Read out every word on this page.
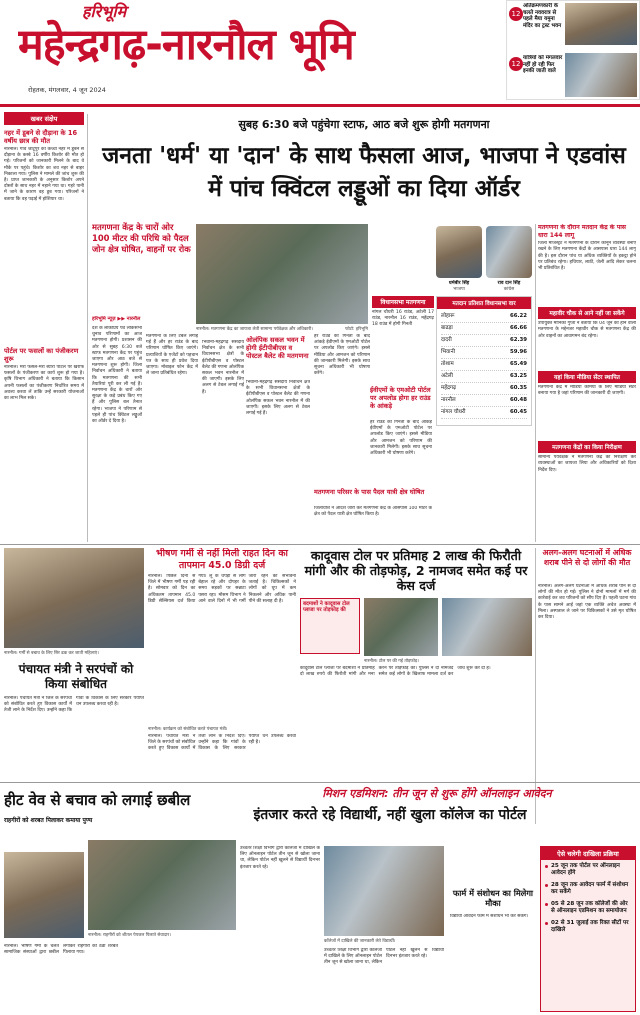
हरिभूमि
महेन्द्रगढ़-नारनौल भूमि
रोहतक, मंगलवार, 4 जून 2024
12
अतिक्रमणकारी के चलते नववरात्र से पहले मैया यमुना मंदिर का ट्रस्ट भवन
12
यात्रियों को मंगलवार नहीं हो रही फिर इनकी जाती वाले
खबर संक्षेप
नहर में डूबने से दौड़ाना के 16 वर्षीय छात्र की मौत
नारनौल। गांव जाटूपुर को कच्ची नहर में डूबने से दौड़ाना के कस्बे 16 वर्षीय किशोर की मौत हो गई। परिजनों को जानकारी मिलने के बाद वे मौके पर पहुंचे। किशोर का शव नहर से बाहर निकाला गया। पुलिस ने मामले की जांच शुरू की है। प्राप्त जानकारी के अनुसार किशोर अपने दोस्तों के साथ नहर में नहाने गया था। गहरे पानी में जाने के कारण वह डूब गया। परिजनों ने बताया कि वह पढ़ाई में होशियार था।
पोर्टल पर फसलों का पंजीकरण शुरू
नारनौल। मेरी फसल-मेरा ब्यौरा पोर्टल पर खरीफ फसलों के पंजीकरण का कार्य शुरू हो गया है। कृषि विभाग अधिकारी ने बताया कि किसान अपनी फसलों का पंजीकरण निर्धारित समय में अवश्य करवा लें ताकि उन्हें सरकारी योजनाओं का लाभ मिल सके।
सुबह 6:30 बजे पहुंचेगा स्टाफ, आठ बजे शुरू होगी मतगणना
जनता 'धर्म' या 'दान' के साथ फैसला आज, भाजपा ने एडवांस में पांच क्विंटल लड्डूओं का दिया ऑर्डर
मतगणना केंद्र के चारों ओर 100 मीटर की परिधि को पैदल जोन क्षेत्र घोषित, वाहनों पर रोक
नारनौल। मतगणना केंद्र का जायजा लेती सामान्य पर्यवेक्षक और अधिकारी।	फोटो: हरिभूमि
हरिभूमि न्यूज़ ▶▶ नारनौल
देश के लोकप्रिय पर्व लोकसभा चुनाव परिणामों का आज मतगणना होगी। प्रशासन की ओर से सुबह 6:30 बजे स्टाफ मतगणना केंद्र पर पहुंच जाएगा और आठ बजे से मतगणना शुरू होगी। जिला निर्वाचन अधिकारी ने बताया कि मतगणना की सभी तैयारियां पूरी कर ली गई हैं। मतगणना केंद्र के चारों ओर सुरक्षा के कड़े प्रबंध किए गए हैं और पुलिस बल तैनात रहेगा। भाजपा ने परिणाम से पहले ही पांच क्विंटल लड्डुओं का ऑर्डर दे दिया है।
मतगणना के लिए टेबल लगाई गई हैं और हर राउंड के बाद परिणाम घोषित किए जाएंगे। प्रत्याशियों के एजेंटों को पहचान पत्र के साथ ही प्रवेश दिया जाएगा। मोबाइल फोन केंद्र में ले जाना प्रतिबंधित रहेगा।
ओलंपिक सकल भवन में होगी ईटीपीबीएस व पोस्टल बैलेट की मतगणना
भिवानी-महेंद्रगढ़ संसदीय निर्वाचन क्षेत्र के सभी विधानसभा क्षेत्रों के ईटीपीबीएस व पोस्टल बैलेट की गणना ओलंपिक सकल भवन नारनौल में की जाएगी। इसके लिए अलग से टेबल लगाई गई हैं।
भिवानी-महेंद्रगढ़ संसदीय निर्वाचन क्षेत्र के सभी विधानसभा क्षेत्रों के ईटीपीबीएस व पोस्टल बैलेट की गणना ओलंपिक सकल भवन नारनौल में की जाएगी। इसके लिए अलग से टेबल लगाई गई हैं।
हर राउंड की गिनती के बाद आंकड़े ईवीएमों के एमओटी पोर्टल पर अपलोड किए जाएंगे। इससे मीडिया और आमजन को परिणाम की जानकारी मिलेगी। इसके साथ सूचना अधिकारी भी घोषणा करेंगे।
ईवीएमों के एमओटी पोर्टल पर अपलोड होगा हर राउंड के आंकड़े
हर राउंड की गिनती के बाद आंकड़े ईवीएमों के एमओटी पोर्टल पर अपलोड किए जाएंगे। इससे मीडिया और आमजन को परिणाम की जानकारी मिलेगी। इसके साथ सूचना अधिकारी भी घोषणा करेंगे।
मतगणना परिसर के पास पैदल यात्री क्षेत्र घोषित
जिलाधीश ने आदेश जारी कर मतगणना केंद्र के आसपास 100 मीटर के क्षेत्र को पैदल यात्री क्षेत्र घोषित किया है।
धर्मबीर सिंह
भाजपा
राव दान सिंह
कांग्रेस
विधानसभा मतगणना
नांगल चौधरी 16 राउंड, अटेली 17 राउंड, नारनौल 16 राउंड, महेंद्रगढ़ 18 राउंड में होगी गिनती
मतदान प्रतिशत विधानसभा वार
लोहारू	66.22
बाढड़ा	66.66
दादरी	62.39
भिवानी	59.96
तोशाम	65.49
अटेली	63.25
महेंद्रगढ़	60.35
नारनौल	60.48
नांगल चौधरी	60.45
मतगणना के दौरान मतदान केंद्र के पास धारा 144 लागू
जिला मजिस्ट्रेट ने मतगणना के दौरान कानून व्यवस्था बनाए रखने के लिए मतगणना केंद्रों के आसपास धारा 144 लागू की है। इस दौरान पांच या अधिक व्यक्तियों के इकट्ठा होने पर प्रतिबंध रहेगा। हथियार, लाठी, जेली आदि लेकर चलना भी प्रतिबंधित है।
महावीर चौक से आने नहीं जा सकेंगे
उपायुक्त मोनिका गुप्ता ने बताया कि 04 जून को होने वाली मतगणना के मद्देनजर महावीर चौक से मतगणना केंद्र की ओर वाहनों का आवागमन बंद रहेगा।
यहां किया मीडिया सेंटर स्थापित
मतगणना केंद्र में मीडिया कर्मियों के लिए मीडिया सेंटर बनाया गया है जहां परिणाम की जानकारी दी जाएगी।
मतगणना केंद्रों का किया निरीक्षण
सामान्य पर्यवेक्षक ने मतगणना केंद्र का निरीक्षण कर व्यवस्थाओं का जायजा लिया और अधिकारियों को दिशा निर्देश दिए।
नारनौल। गर्मी से बचाव के लिए सिर ढक कर जाती महिलाएं।
भीषण गर्मी से नहीं मिली राहत दिन का तापमान 45.0 डिग्री दर्ज
नारनौल। पिछले दिनों से जिले में भीषण गर्मी पड़ रही है। सोमवार को दिन का अधिकतम तापमान 45.0 डिग्री सेल्सियस दर्ज किया गया। लू के थपेड़ों से लोग बेहाल रहे और दोपहर के समय सड़कों पर सन्नाटा पसरा रहा। मौसम विभाग ने आने वाले दिनों में भी गर्मी जारी रहने की संभावना जताई है। चिकित्सकों ने लोगों को धूप में कम निकलने और अधिक पानी पीने की सलाह दी है।
कादूवास टोल पर प्रतिमाह 2 लाख की फिरौती मांगी और की तोड़फोड़, 2 नामजद समेत कई पर केस दर्ज
बदमाशों ने कादूवास टोल प्लाजा पर तोड़फोड़ की
नारनौल। टोल पर की गई तोड़फोड़।
कादूवास टोल प्लाजा पर बदमाशों ने प्रतिमाह दो लाख रुपये की फिरौती मांगी और मना करने पर तोड़फोड़ की। पुलिस ने दो नामजद समेत कई लोगों के खिलाफ मामला दर्ज कर जांच शुरू कर दी है।
अलग-अलग घटनाओं में अधिक शराब पीने से दो लोगों की मौत
नारनौल। अलग-अलग घटनाओं में अधिक शराब पीने से दो लोगों की मौत हो गई। पुलिस ने दोनों मामलों में मर्ग की कार्रवाई कर शव परिजनों को सौंप दिए हैं। पहली घटना गांव के पास सामने आई जहां एक व्यक्ति अचेत अवस्था में मिला। अस्पताल ले जाने पर चिकित्सकों ने उसे मृत घोषित कर दिया।
पंचायत मंत्री ने सरपंचों को किया संबोधित
नारनौल। पंचायत मंत्री ने जिले के सरपंचों को संबोधित करते हुए विकास कार्यों में तेजी लाने के निर्देश दिए। उन्होंने कहा कि गांवों के विकास के लिए सरकार पर्याप्त धन उपलब्ध करवा रही है।
नारनौल। कार्यक्रम को संबोधित करते पंचायत मंत्री।
नारनौल। पंचायत मंत्री ने जिले के सरपंचों को संबोधित करते हुए विकास कार्यों में तेजी लाने के निर्देश दिए। उन्होंने कहा कि गांवों के विकास के लिए सरकार पर्याप्त धन उपलब्ध करवा रही है।
मिशन एडमिशन: तीन जून से शुरू होंगे ऑनलाइन आवेदन
हीट वेव से बचाव को लगाई छबील
राहगीरों को शरबत पिलाकर कमाया पुण्य
नारनौल। राहगीरों को शीतल पेयजल पिलाते सेवादार।
नारनौल। भीषण गर्मी के चलते सामाजिक संस्थाओं द्वारा छबील लगाकर राहगीरों को ठंडा शरबत पिलाया गया।
इंतजार करते रहे विद्यार्थी, नहीं खुला कॉलेज का पोर्टल
उच्चतर शिक्षा विभाग द्वारा कॉलेजों में दाखिले के लिए ऑनलाइन पोर्टल तीन जून से खोला जाना था, लेकिन पोर्टल नहीं खुलने से विद्यार्थी दिनभर इंतजार करते रहे।
कॉलेजों में दाखिले की जानकारी लेते विद्यार्थी।
उच्चतर शिक्षा विभाग द्वारा कॉलेजों में दाखिले के लिए ऑनलाइन पोर्टल तीन जून से खोला जाना था, लेकिन पोर्टल नहीं खुलने से विद्यार्थी दिनभर इंतजार करते रहे।
फार्म में संशोधन का मिलेगा मौका
विद्यार्थी आवेदन फार्म में संशोधन भी कर सकेंगे।
ऐसे चलेगी दाखिला प्रक्रिया
25 जून तक पोर्टल पर ऑनलाइन आवेदन होंगे
28 जून तक आवेदन फार्म में संशोधन कर सकेंगे
05 से 28 जून तक कॉलेजों की ओर से ऑनलाइन एडमिशन का समायोजन
02 से 31 जुलाई तक रिक्त सीटों पर दाखिले
